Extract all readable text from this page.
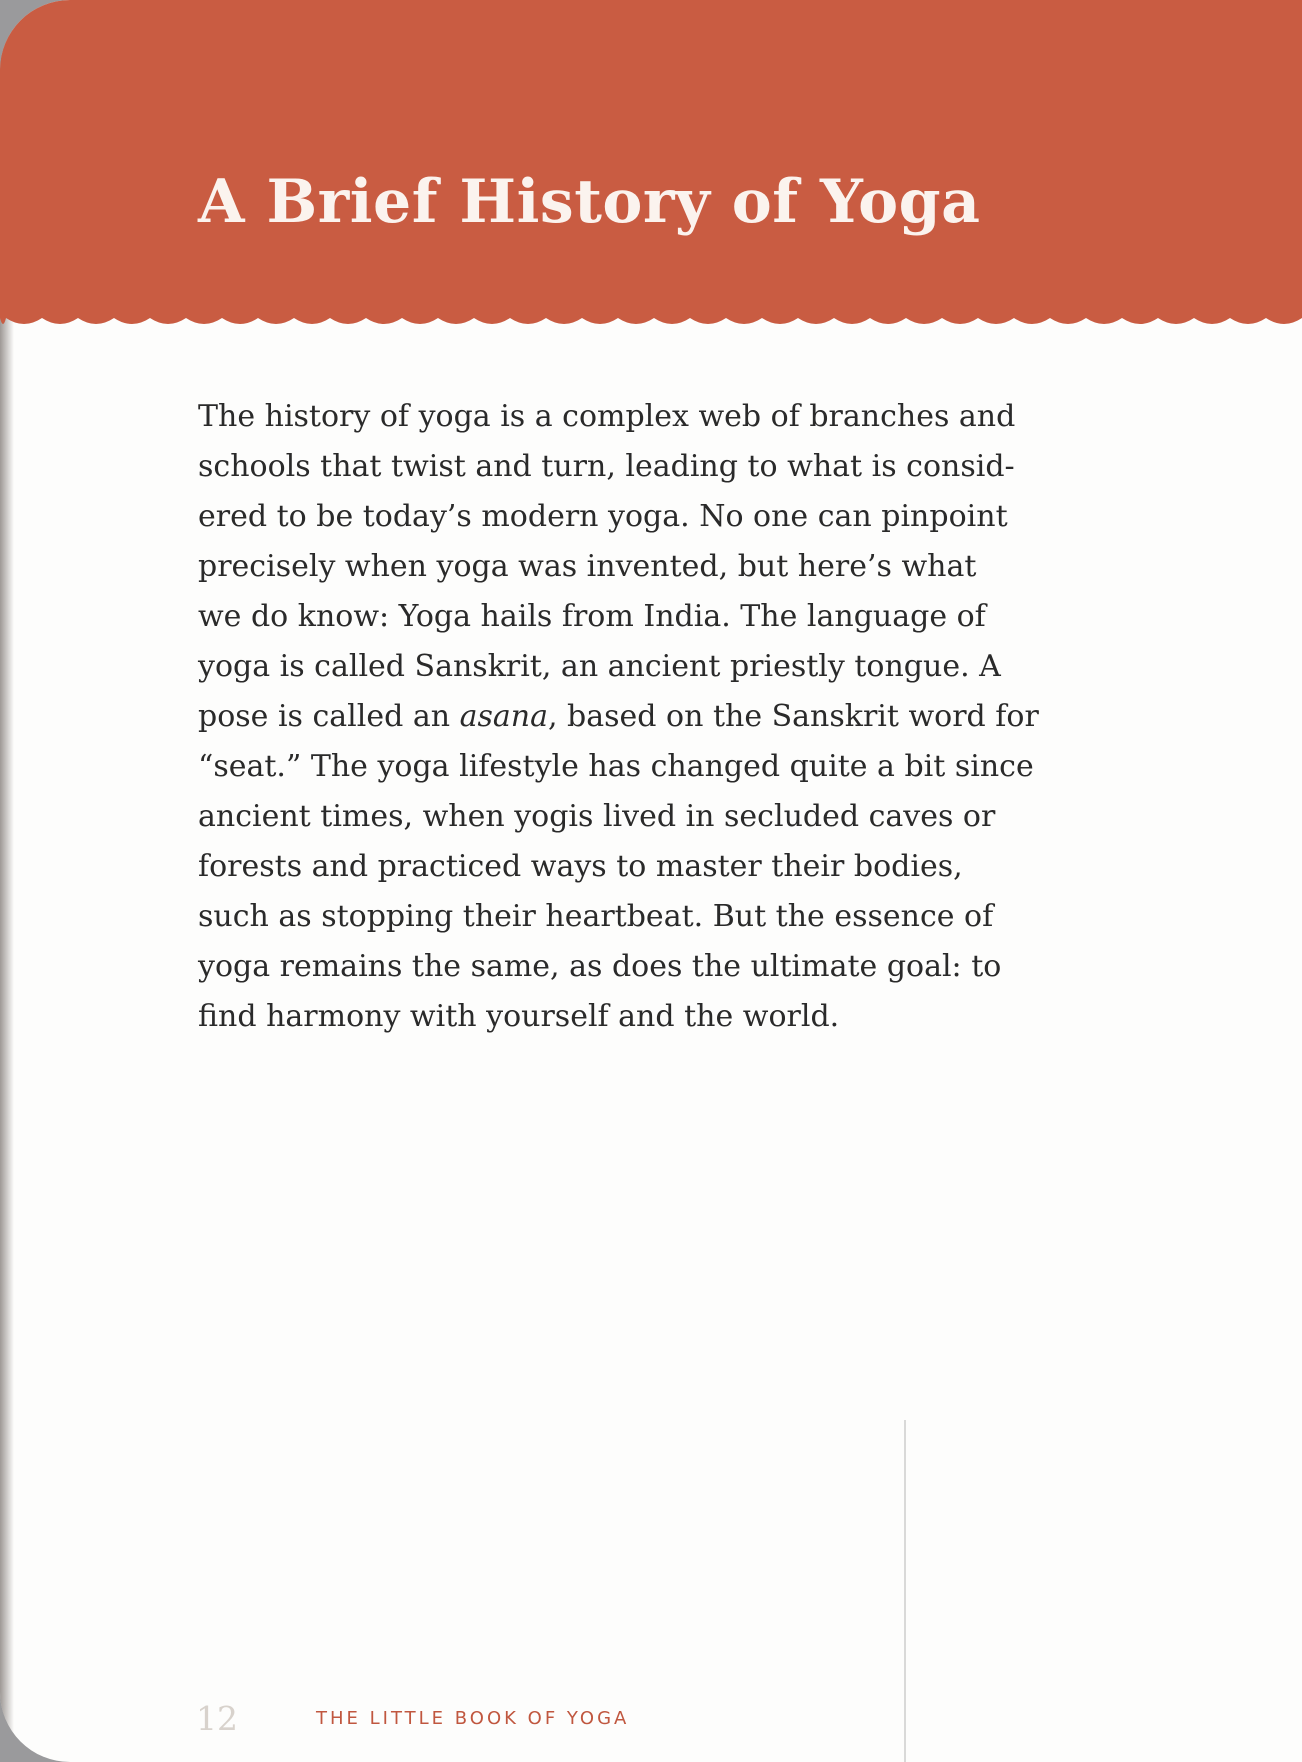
A Brief History of Yoga

The history of yoga is a complex web of branches and
schools that twist and turn, leading to what is consid-
ered to be today’s modern yoga. No one can pinpoint
precisely when yoga was invented, but here’s what
we do know: Yoga hails from India. The language of
yoga is called Sanskrit, an ancient priestly tongue. A
pose is called an asana, based on the Sanskrit word for
“seat.” The yoga lifestyle has changed quite a bit since
ancient times, when yogis lived in secluded caves or
forests and practiced ways to master their bodies,
such as stopping their heartbeat. But the essence of
yoga remains the same, as does the ultimate goal: to
find harmony with yourself and the world.

12	THE LITTLE BOOK OF YOGA
